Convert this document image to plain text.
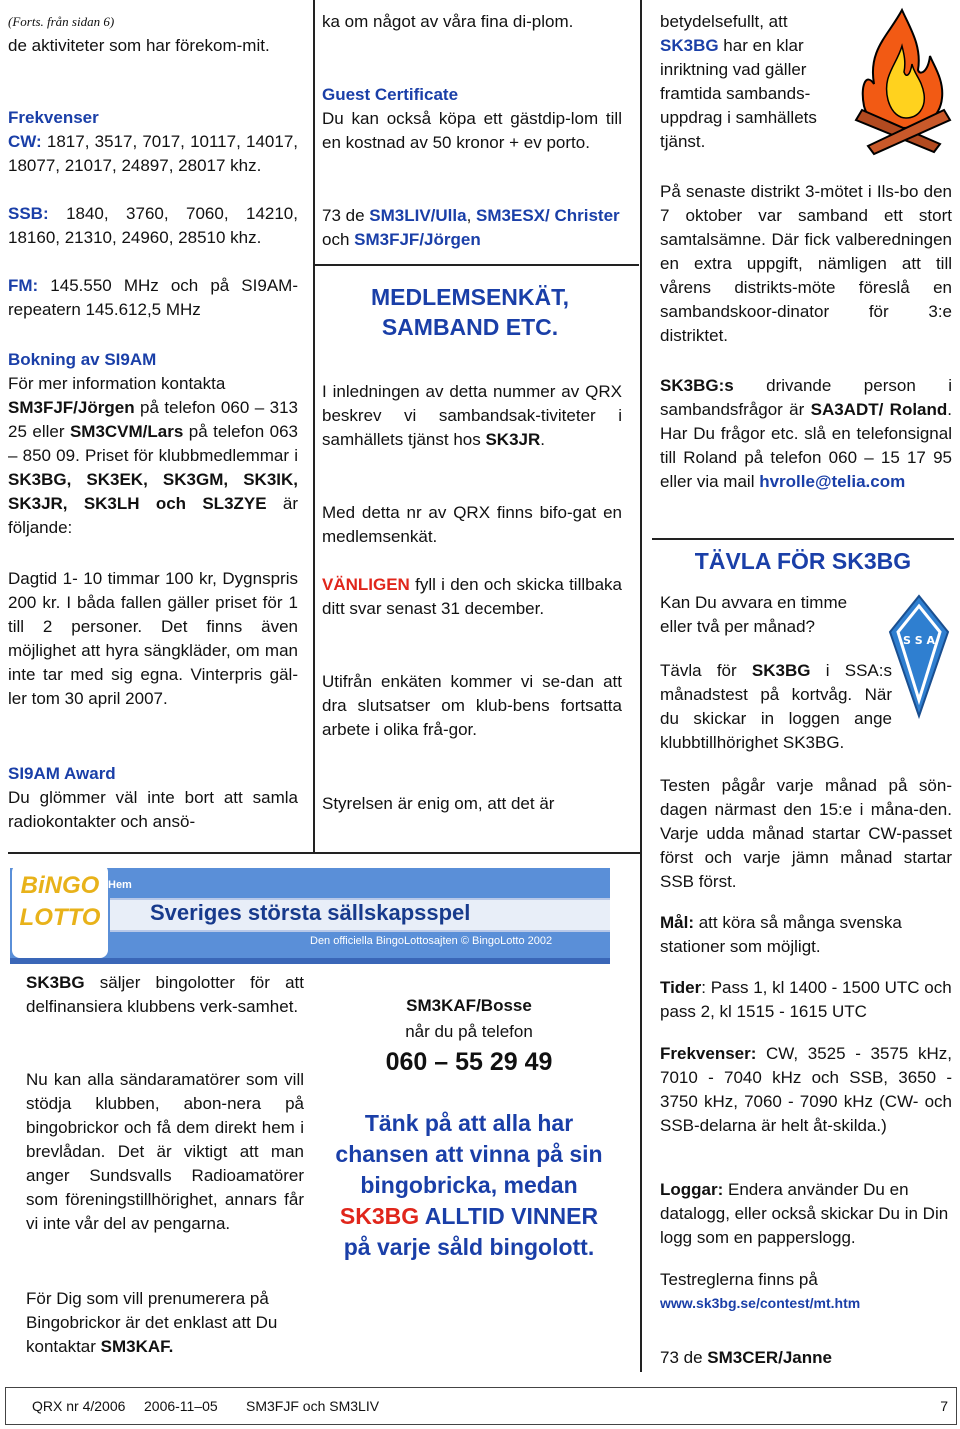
(Forts. från sidan 6)
de aktiviteter som har förekom-mit.
Frekvenser
CW: 1817, 3517, 7017, 10117, 14017, 18077, 21017, 24897, 28017 khz.
SSB: 1840, 3760, 7060, 14210, 18160, 21310, 24960, 28510 khz.
FM: 145.550 MHz och på SI9AM-repeatern 145.612,5 MHz
Bokning av SI9AM
För mer information kontakta
SM3FJF/Jörgen på telefon 060 – 313 25 eller SM3CVM/Lars på telefon 063 – 850 09. Priset för klubbmedlemmar i SK3BG, SK3EK, SK3GM, SK3IK, SK3JR, SK3LH och SL3ZYE är följande:
Dagtid 1- 10 timmar 100 kr, Dygnspris 200 kr. I båda fallen gäller priset för 1 till 2 personer. Det finns även möjlighet att hyra sängkläder, om man inte tar med sig egna. Vinterpris gäl-ler tom 30 april 2007.
SI9AM Award
Du glömmer väl inte bort att samla radiokontakter och ansö-
ka om något av våra fina di-plom.
Guest Certificate
Du kan också köpa ett gästdip-lom till en kostnad av 50 kronor + ev porto.
73 de SM3LIV/Ulla, SM3ESX/ Christer och SM3FJF/Jörgen
MEDLEMSENKÄT, SAMBAND ETC.
I inledningen av detta nummer av QRX beskrev vi sambandsak-tiviteter i samhällets tjänst hos SK3JR.
Med detta nr av QRX finns bifo-gat en medlemsenkät.
VÄNLIGEN fyll i den och skicka tillbaka ditt svar senast 31 december.
Utifrån enkäten kommer vi se-dan att dra slutsatser om klub-bens fortsatta arbete i olika frå-gor.
Styrelsen är enig om, att det är
betydelsefullt, att SK3BG har en klar inriktning vad gäller framtida sambands-uppdrag i samhällets tjänst.
På senaste distrikt 3-mötet i Ils-bo den 7 oktober var samband ett stort samtalsämne. Där fick valberedningen en extra uppgift, nämligen att till vårens distrikts-möte föreslå en sambandskoor-dinator för 3:e distriktet.
SK3BG:s drivande person i sambandsfrågor är SA3ADT/ Roland. Har Du frågor etc. slå en telefonsignal till Roland på telefon 060 – 15 17 95 eller via mail hvrolle@telia.com
TÄVLA FÖR SK3BG
Kan Du avvara en timme eller två per månad?
S S A
Tävla för SK3BG i SSA:s månadstest på kortvåg. När du skickar in loggen ange klubbtillhörighet SK3BG.
Testen pågår varje månad på sön-dagen närmast den 15:e i måna-den. Varje udda månad startar CW-passet först och varje jämn månad startar SSB först.
Mål: att köra så många svenska stationer som möjligt.
Tider: Pass 1, kl 1400 - 1500 UTC och pass 2, kl 1515 - 1615 UTC
Frekvenser: CW, 3525 - 3575 kHz, 7010 - 7040 kHz och SSB, 3650 - 3750 kHz, 7060 - 7090 kHz (CW- och SSB-delarna är helt åt-skilda.)
Loggar: Endera använder Du en datalogg, eller också skickar Du in Din logg som en papperslogg.
Testreglerna finns på
www.sk3bg.se/contest/mt.htm
73 de SM3CER/Janne
BiNGO
LOTTO
Hem
Sveriges största sällskapsspel
Den officiella BingoLottosajten © BingoLotto 2002
SK3BG säljer bingolotter för att delfinansiera klubbens verk-samhet.
Nu kan alla sändaramatörer som vill stödja klubben, abon-nera på bingobrickor och få dem direkt hem i brevlådan. Det är viktigt att man anger Sundsvalls Radioamatörer som föreningstillhörighet, annars får vi inte vår del av pengarna.
För Dig som vill prenumerera på Bingobrickor är det enklast att Du kontaktar SM3KAF.
SM3KAF/Bosse
når du på telefon
060 – 55 29 49
Tänk på att alla har chansen att vinna på sin bingobricka, medan SK3BG ALLTID VINNER på varje såld bingolott.
QRX nr 4/2006 2006-11–05 SM3FJF och SM3LIV	7
